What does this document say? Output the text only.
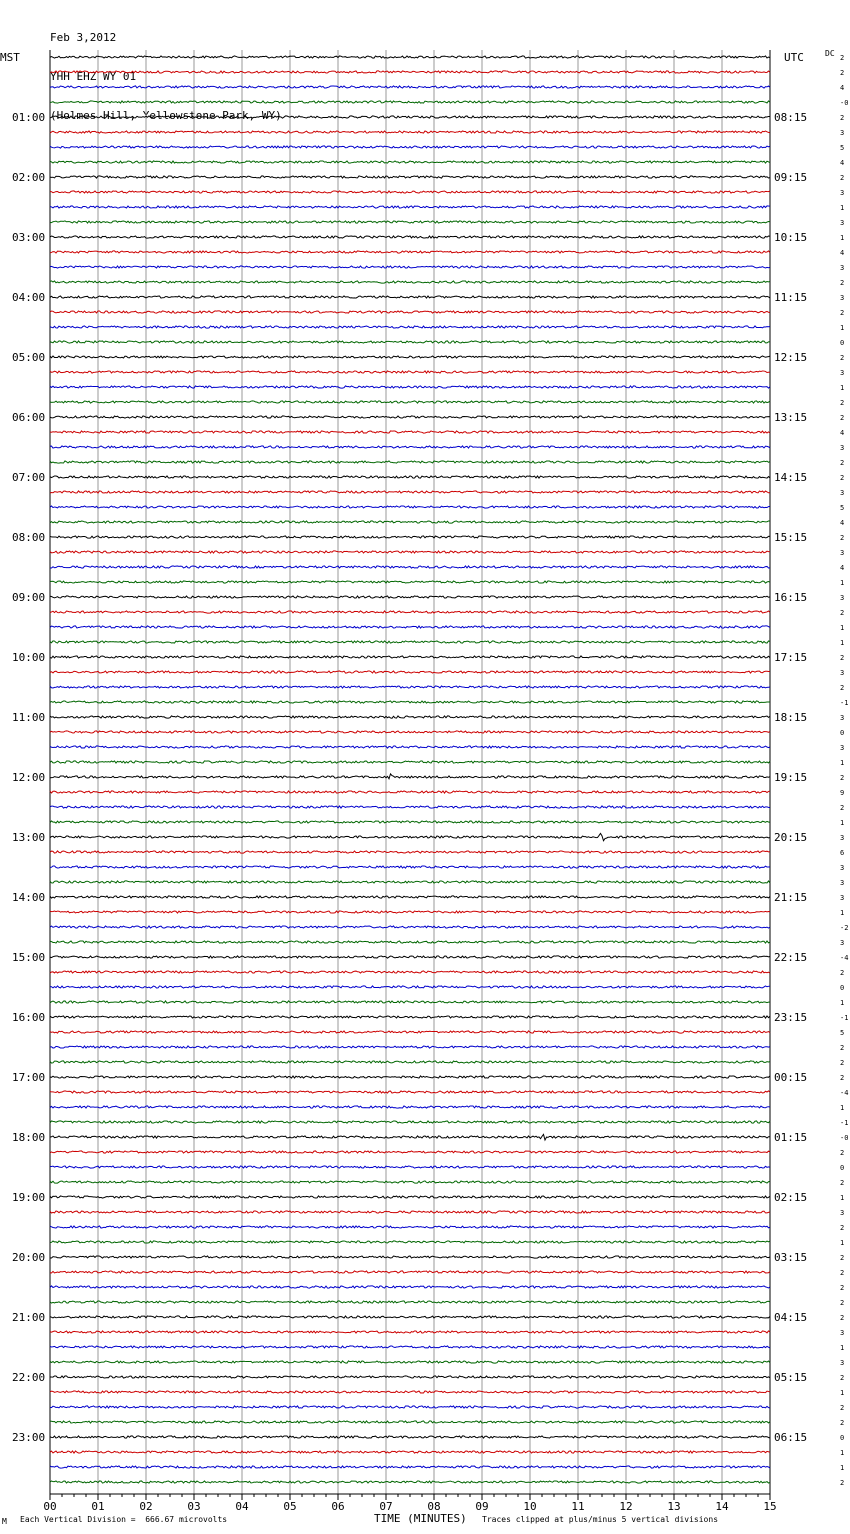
Feb 3,2012

YHH EHZ WY 01

(Holmes Hill, Yellowstone Park, WY)

MST	UTC	DC 2
2
4
-0
2
3
5
4
2
3
1
3
1
4
3
2
3
2
1
0
2
3
1
2
2
4
3
2
2
3
5
4
2
3
4
1
3
2
1
1
2
3
2
-1
3
0
3
1
2
9
2
1
3
6
3
3
3
1
-2
3
-4
2
0
1
-1
5
2
2
2
-4
1
-1
-0
2
0
2
1
3
2
1
2
2
2
2
2
3
1
3
2
1
2
2
0
1
1
2
01:00
02:00
03:00
04:00
05:00
06:00
07:00
08:00
09:00
10:00
11:00
12:00
13:00
14:00
15:00
16:00
17:00
18:00
19:00
20:00
21:00
22:00
23:00
08:15
09:15
10:15
11:15
12:15
13:15
14:15
15:15
16:15
17:15
18:15
19:15
20:15
21:15
22:15
23:15
00:15
01:15
02:15
03:15
04:15
05:15
06:15
00	01	02	03	04	05	06	07	08	09	10	11	12	13	14	15
M Each Vertical Division =  666.67 microvolts	TIME (MINUTES) Traces clipped at plus/minus 5 vertical divisions
